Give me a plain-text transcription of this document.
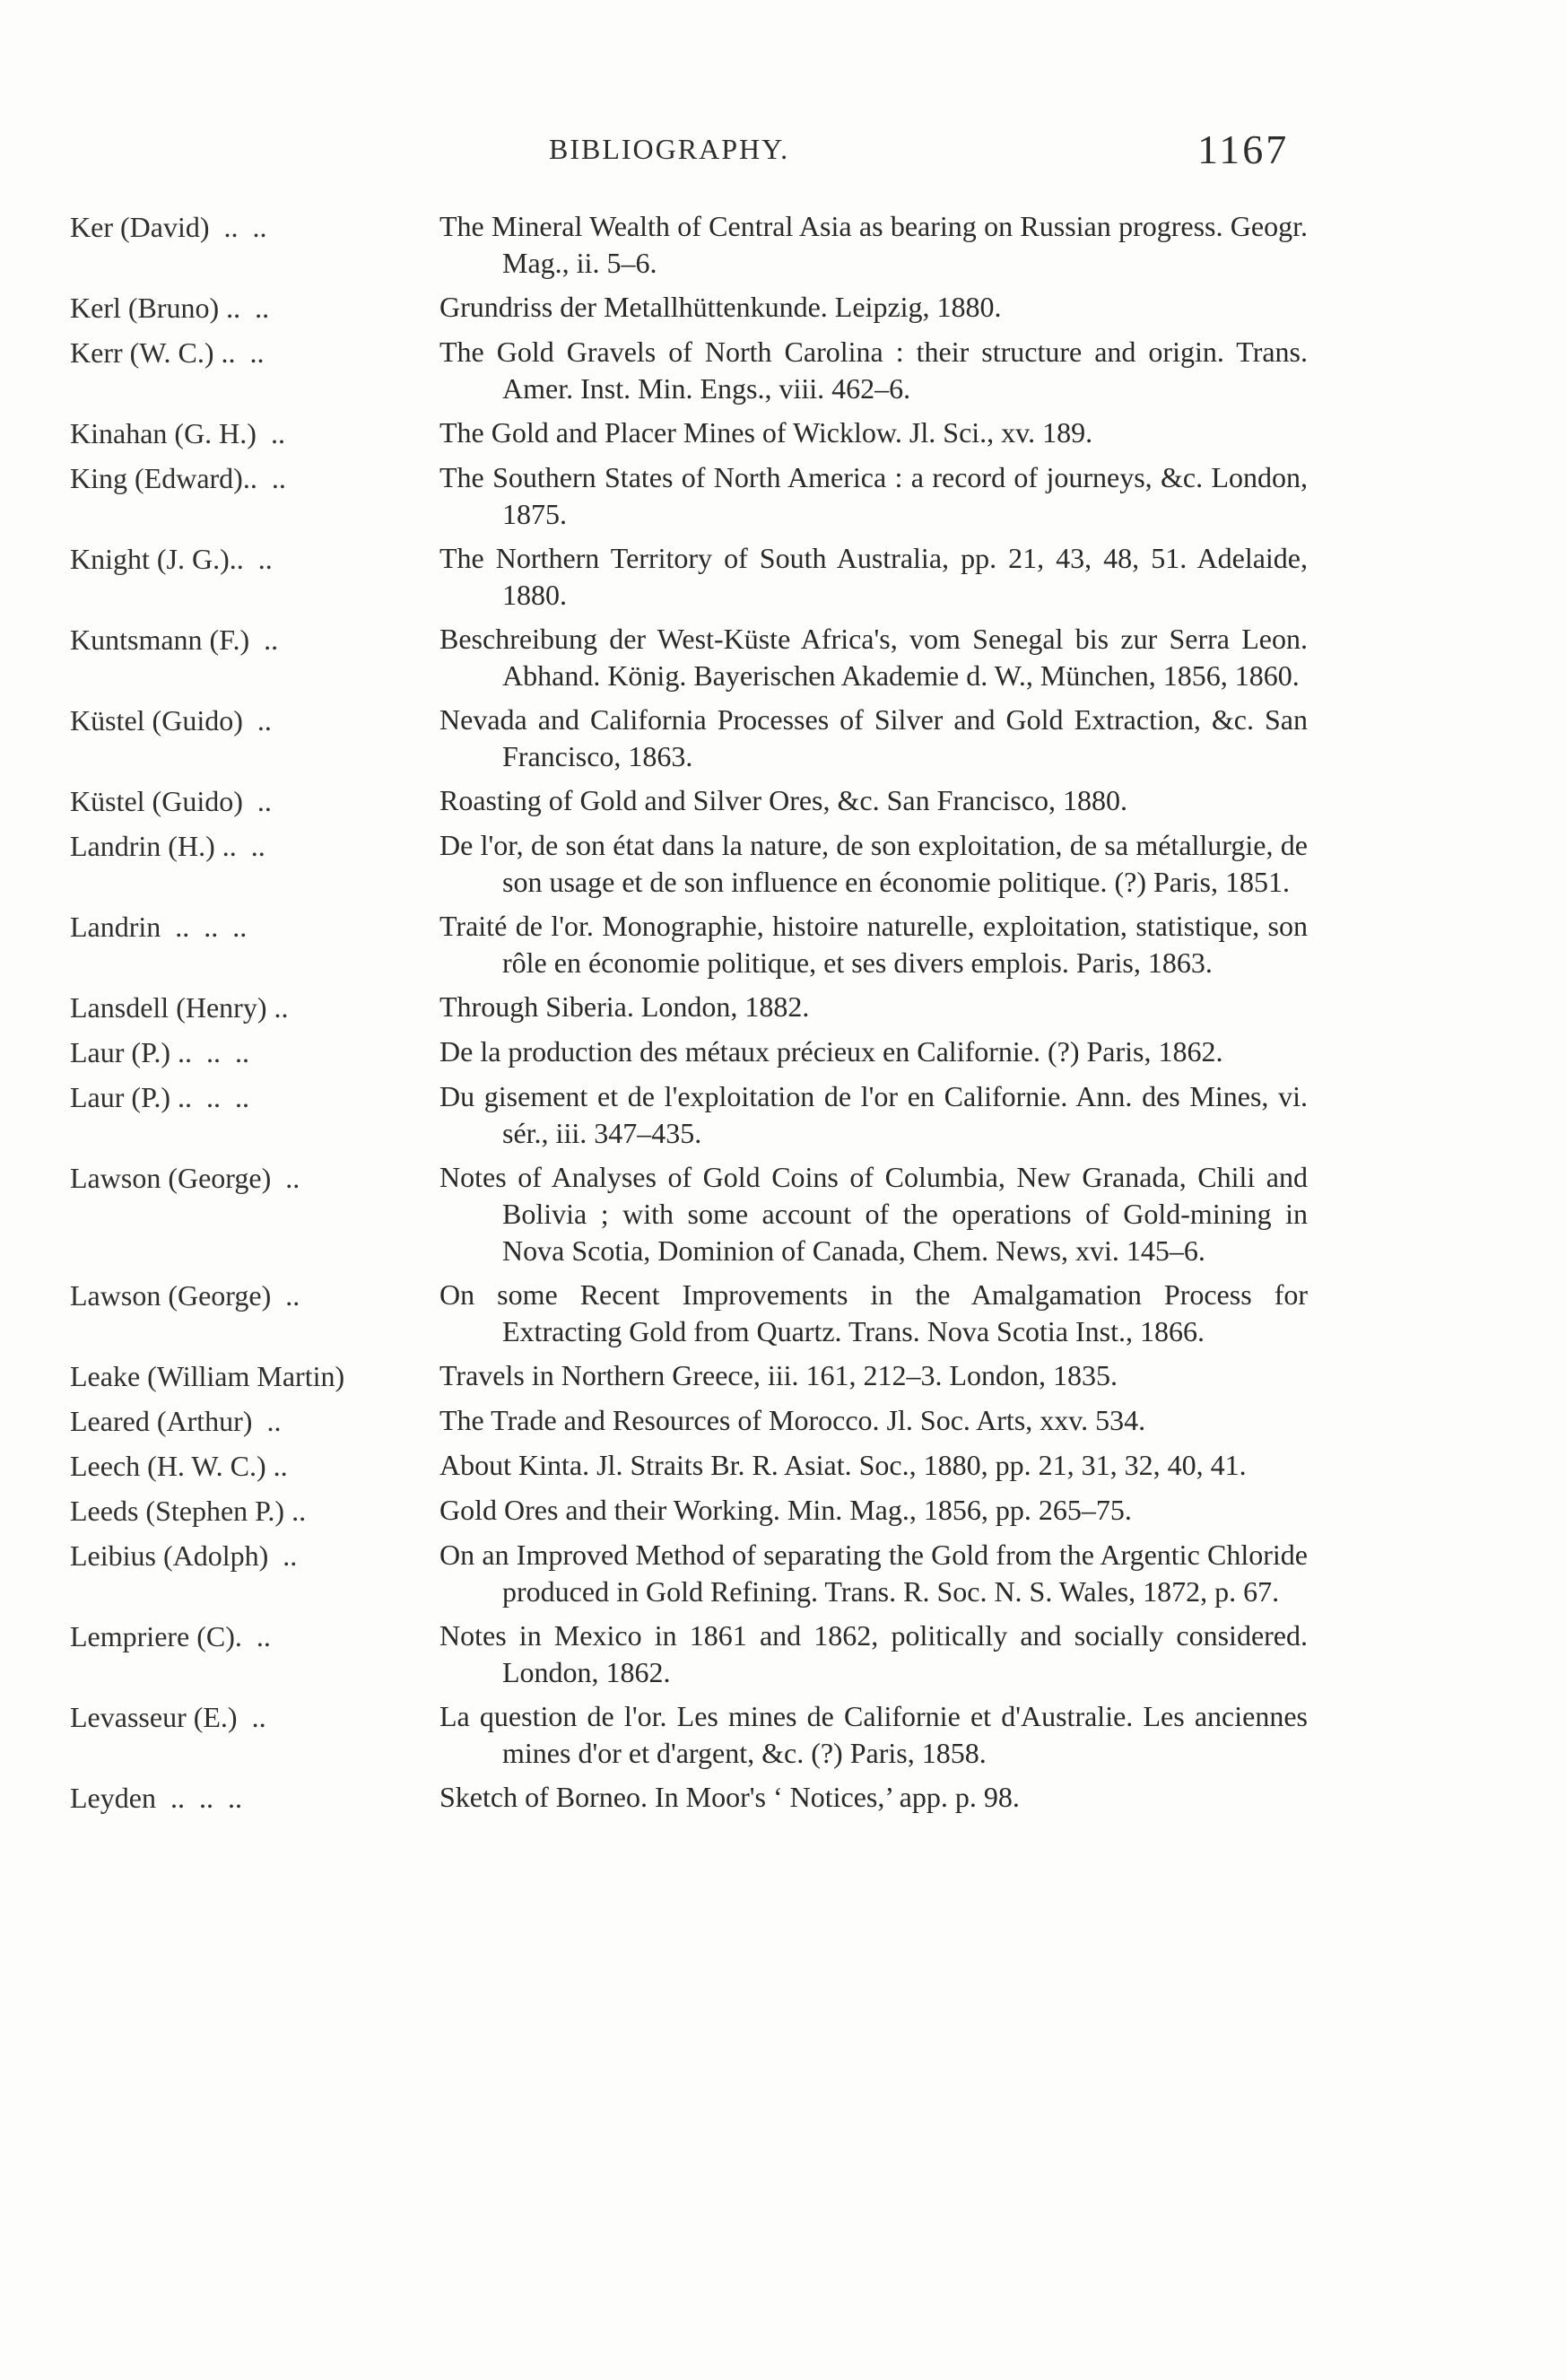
BIBLIOGRAPHY.	1167
Ker (David)  ..  ..	The Mineral Wealth of Central Asia as bearing on Russian progress. Geogr. Mag., ii. 5–6.
Kerl (Bruno) ..  ..	Grundriss der Metallhüttenkunde. Leipzig, 1880.
Kerr (W. C.) ..  ..	The Gold Gravels of North Carolina : their structure and origin. Trans. Amer. Inst. Min. Engs., viii. 462–6.
Kinahan (G. H.)  ..	The Gold and Placer Mines of Wicklow. Jl. Sci., xv. 189.
King (Edward)..  ..	The Southern States of North America : a record of journeys, &c. London, 1875.
Knight (J. G.)..  ..	The Northern Territory of South Australia, pp. 21, 43, 48, 51. Adelaide, 1880.
Kuntsmann (F.)  ..	Beschreibung der West-Küste Africa's, vom Senegal bis zur Serra Leon. Abhand. König. Bayerischen Akademie d. W., München, 1856, 1860.
Küstel (Guido)  ..	Nevada and California Processes of Silver and Gold Extraction, &c. San Francisco, 1863.
Küstel (Guido)  ..	Roasting of Gold and Silver Ores, &c. San Francisco, 1880.
Landrin (H.) ..  ..	De l'or, de son état dans la nature, de son exploitation, de sa métallurgie, de son usage et de son influence en économie politique. (?) Paris, 1851.
Landrin  ..  ..  ..	Traité de l'or. Monographie, histoire naturelle, exploitation, statistique, son rôle en économie politique, et ses divers emplois. Paris, 1863.
Lansdell (Henry) ..	Through Siberia. London, 1882.
Laur (P.) ..  ..  ..	De la production des métaux précieux en Californie. (?) Paris, 1862.
Laur (P.) ..  ..  ..	Du gisement et de l'exploitation de l'or en Californie. Ann. des Mines, vi. sér., iii. 347–435.
Lawson (George)  ..	Notes of Analyses of Gold Coins of Columbia, New Granada, Chili and Bolivia ; with some account of the operations of Gold-mining in Nova Scotia, Dominion of Canada, Chem. News, xvi. 145–6.
Lawson (George)  ..	On some Recent Improvements in the Amalgamation Process for Extracting Gold from Quartz. Trans. Nova Scotia Inst., 1866.
Leake (William Martin)	Travels in Northern Greece, iii. 161, 212–3. London, 1835.
Leared (Arthur)  ..	The Trade and Resources of Morocco. Jl. Soc. Arts, xxv. 534.
Leech (H. W. C.) ..	About Kinta. Jl. Straits Br. R. Asiat. Soc., 1880, pp. 21, 31, 32, 40, 41.
Leeds (Stephen P.) ..	Gold Ores and their Working. Min. Mag., 1856, pp. 265–75.
Leibius (Adolph)  ..	On an Improved Method of separating the Gold from the Argentic Chloride produced in Gold Refining. Trans. R. Soc. N. S. Wales, 1872, p. 67.
Lempriere (C).  ..	Notes in Mexico in 1861 and 1862, politically and socially considered. London, 1862.
Levasseur (E.)  ..	La question de l'or. Les mines de Californie et d'Australie. Les anciennes mines d'or et d'argent, &c. (?) Paris, 1858.
Leyden  ..  ..  ..	Sketch of Borneo. In Moor's ‘ Notices,’ app. p. 98.
